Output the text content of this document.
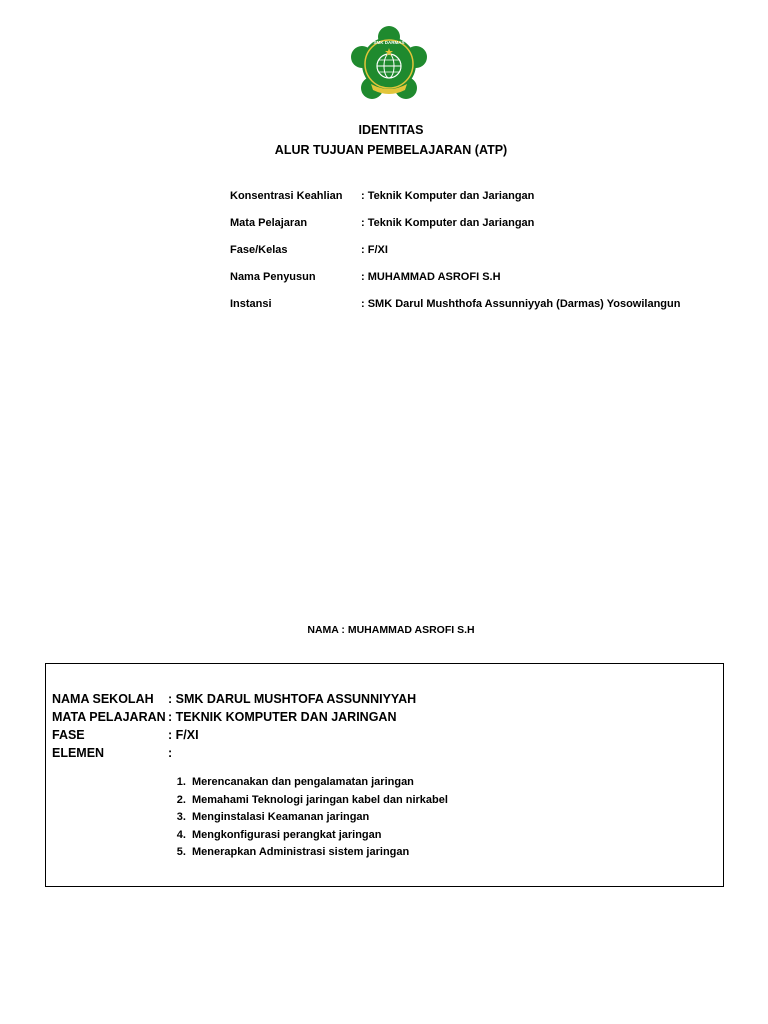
SMK DARMAS
IDENTITAS
ALUR TUJUAN PEMBELAJARAN (ATP)
Konsentrasi Keahlian : Teknik Komputer dan Jariangan
Mata Pelajaran	: Teknik Komputer dan Jariangan
Fase/Kelas	: F/XI
Nama Penyusun	: MUHAMMAD ASROFI S.H
Instansi	: SMK Darul Mushthofa Assunniyyah (Darmas) Yosowilangun
NAMA : MUHAMMAD ASROFI S.H
NAMA SEKOLAH : SMK DARUL MUSHTOFA ASSUNNIYYAH
MATA PELAJARAN : TEKNIK KOMPUTER DAN JARINGAN
FASE	: F/XI
ELEMEN	:
1. Merencanakan dan pengalamatan jaringan
2. Memahami Teknologi jaringan kabel dan nirkabel
3. Menginstalasi Keamanan jaringan
4. Mengkonfigurasi perangkat jaringan
5. Menerapkan Administrasi sistem jaringan
